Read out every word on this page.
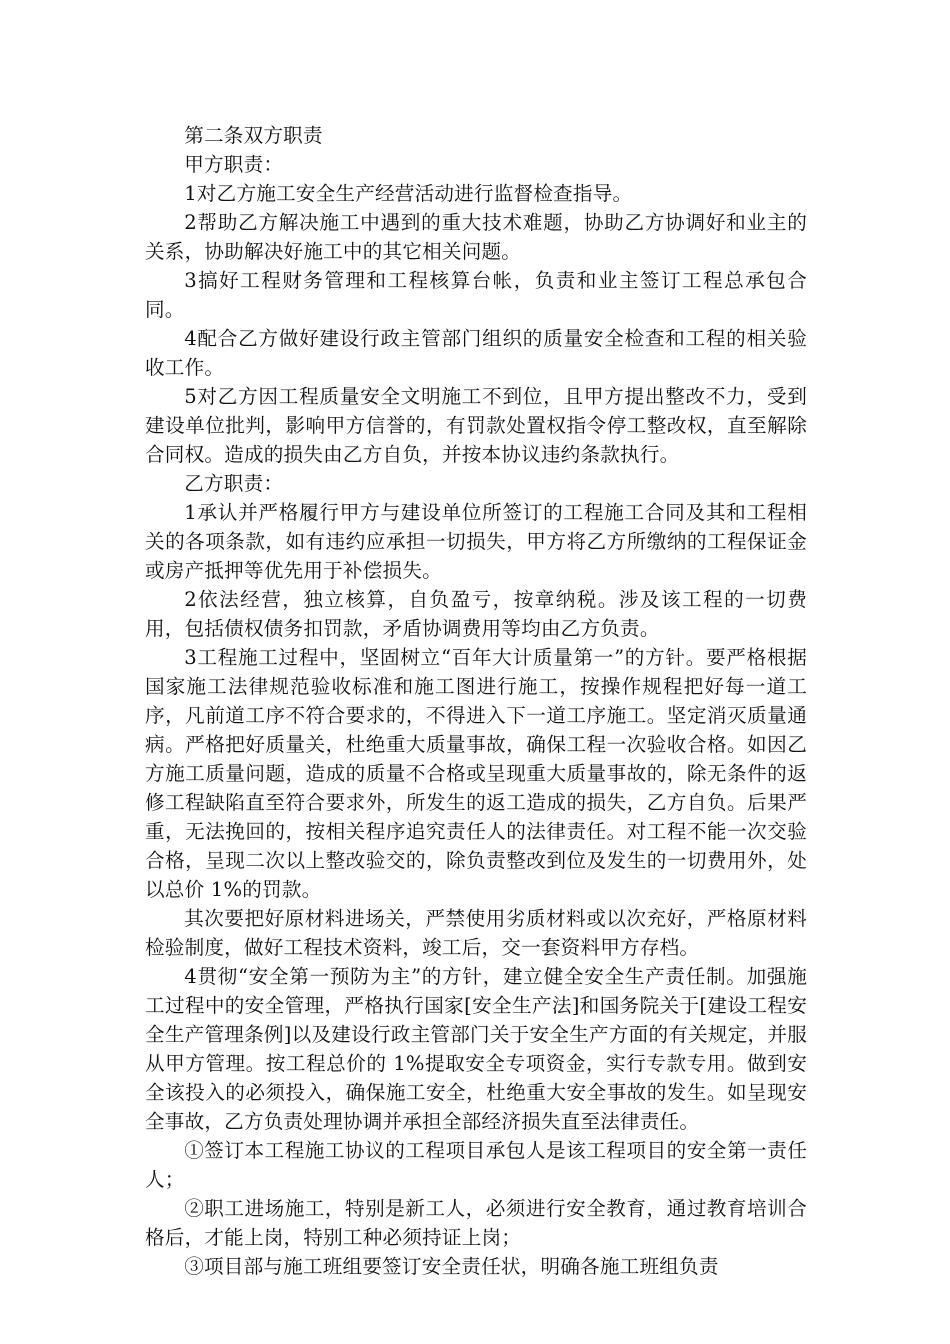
第二条双方职责

甲方职责：

1对乙方施工安全生产经营活动进行监督检查指导。

2帮助乙方解决施工中遇到的重大技术难题，协助乙方协调好和业主的关系，协助解决好施工中的其它相关问题。

3搞好工程财务管理和工程核算台帐，负责和业主签订工程总承包合同。

4配合乙方做好建设行政主管部门组织的质量安全检查和工程的相关验收工作。

5对乙方因工程质量安全文明施工不到位，且甲方提出整改不力，受到建设单位批判，影响甲方信誉的，有罚款处置权指令停工整改权，直至解除合同权。造成的损失由乙方自负，并按本协议违约条款执行。

乙方职责：

1承认并严格履行甲方与建设单位所签订的工程施工合同及其和工程相关的各项条款，如有违约应承担一切损失，甲方将乙方所缴纳的工程保证金或房产抵押等优先用于补偿损失。

2依法经营，独立核算，自负盈亏，按章纳税。涉及该工程的一切费用，包括债权债务扣罚款，矛盾协调费用等均由乙方负责。

3工程施工过程中，坚固树立“百年大计质量第一”的方针。要严格根据国家施工法律规范验收标准和施工图进行施工，按操作规程把好每一道工序，凡前道工序不符合要求的，不得进入下一道工序施工。坚定消灭质量通病。严格把好质量关，杜绝重大质量事故，确保工程一次验收合格。如因乙方施工质量问题，造成的质量不合格或呈现重大质量事故的，除无条件的返修工程缺陷直至符合要求外，所发生的返工造成的损失，乙方自负。后果严重，无法挽回的，按相关程序追究责任人的法律责任。对工程不能一次交验合格，呈现二次以上整改验交的，除负责整改到位及发生的一切费用外，处以总价 1%的罚款。

其次要把好原材料进场关，严禁使用劣质材料或以次充好，严格原材料检验制度，做好工程技术资料，竣工后，交一套资料甲方存档。

4贯彻“安全第一预防为主”的方针，建立健全安全生产责任制。加强施工过程中的安全管理，严格执行国家[安全生产法]和国务院关于[建设工程安全生产管理条例]以及建设行政主管部门关于安全生产方面的有关规定，并服从甲方管理。按工程总价的 1%提取安全专项资金，实行专款专用。做到安全该投入的必须投入，确保施工安全，杜绝重大安全事故的发生。如呈现安全事故，乙方负责处理协调并承担全部经济损失直至法律责任。

①签订本工程施工协议的工程项目承包人是该工程项目的安全第一责任人；

②职工进场施工，特别是新工人，必须进行安全教育，通过教育培训合格后，才能上岗，特别工种必须持证上岗；

③项目部与施工班组要签订安全责任状，明确各施工班组负责
